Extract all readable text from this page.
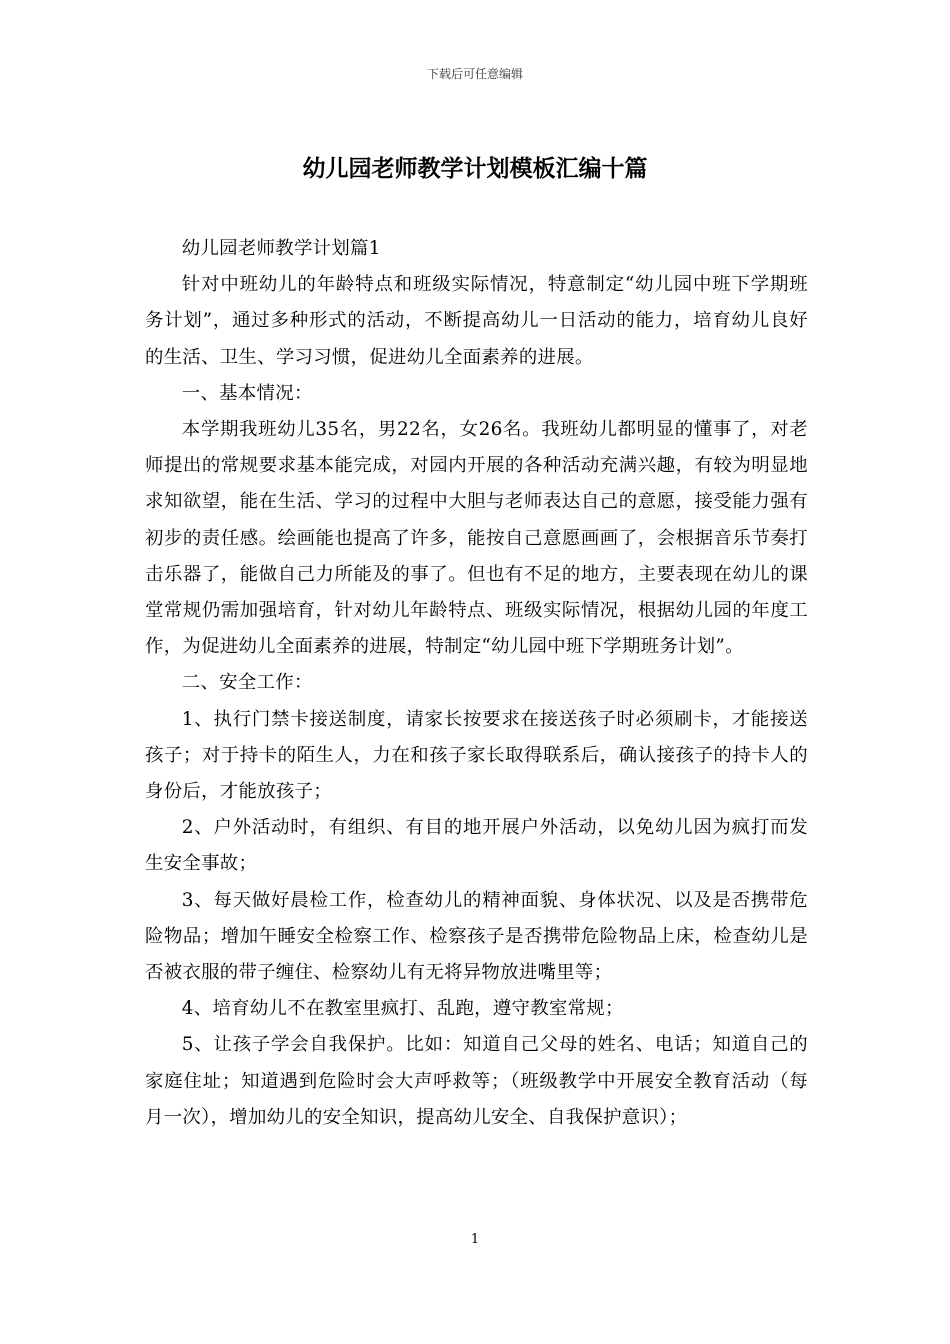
下载后可任意编辑
幼儿园老师教学计划模板汇编十篇

幼儿园老师教学计划篇1

针对中班幼儿的年龄特点和班级实际情况，特意制定“幼儿园中班下学期班务计划”，通过多种形式的活动，不断提高幼儿一日活动的能力，培育幼儿良好的生活、卫生、学习习惯，促进幼儿全面素养的进展。

一、基本情况：

本学期我班幼儿35名，男22名，女26名。我班幼儿都明显的懂事了，对老师提出的常规要求基本能完成，对园内开展的各种活动充满兴趣，有较为明显地求知欲望，能在生活、学习的过程中大胆与老师表达自己的意愿，接受能力强有初步的责任感。绘画能也提高了许多，能按自己意愿画画了，会根据音乐节奏打击乐器了，能做自己力所能及的事了。但也有不足的地方，主要表现在幼儿的课堂常规仍需加强培育，针对幼儿年龄特点、班级实际情况，根据幼儿园的年度工作，为促进幼儿全面素养的进展，特制定“幼儿园中班下学期班务计划”。

二、安全工作：

1、执行门禁卡接送制度，请家长按要求在接送孩子时必须刷卡，才能接送孩子；对于持卡的陌生人，力在和孩子家长取得联系后，确认接孩子的持卡人的身份后，才能放孩子；

2、户外活动时，有组织、有目的地开展户外活动，以免幼儿因为疯打而发生安全事故；

3、每天做好晨检工作，检查幼儿的精神面貌、身体状况、以及是否携带危险物品；增加午睡安全检察工作、检察孩子是否携带危险物品上床，检查幼儿是否被衣服的带子缠住、检察幼儿有无将异物放进嘴里等；

4、培育幼儿不在教室里疯打、乱跑，遵守教室常规；

5、让孩子学会自我保护。比如：知道自己父母的姓名、电话；知道自己的家庭住址；知道遇到危险时会大声呼救等；（班级教学中开展安全教育活动（每月一次），增加幼儿的安全知识，提高幼儿安全、自我保护意识）；

1
